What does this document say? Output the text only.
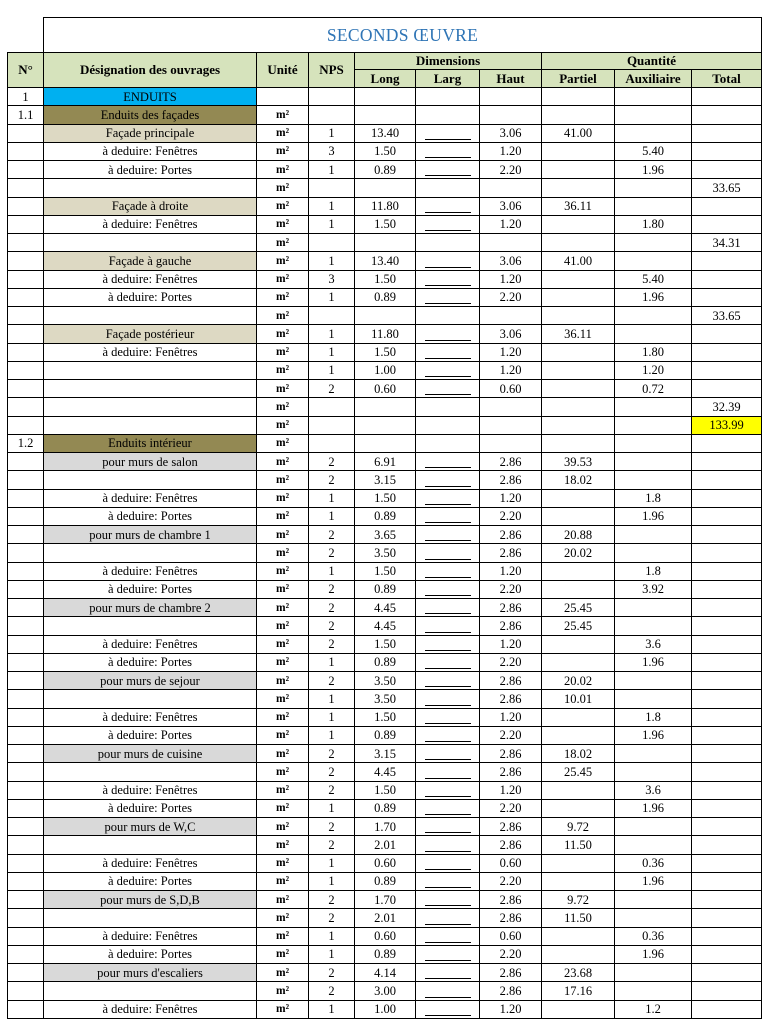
	SECONDS ŒUVRE								
N°	Désignation des ouvrages	Unité	NPS	Dimensions			Quantité		
				Long	Larg	Haut	Partiel	Auxiliaire	Total
1	ENDUITS								
1.1	Enduits des façades	m²							
	Façade principale	m²	1	13.40		3.06	41.00		
	à deduire: Fenêtres	m²	3	1.50		1.20		5.40	
	à deduire: Portes	m²	1	0.89		2.20		1.96	
		m²							33.65
	Façade à droite	m²	1	11.80		3.06	36.11		
	à deduire: Fenêtres	m²	1	1.50		1.20		1.80	
		m²							34.31
	Façade à gauche	m²	1	13.40		3.06	41.00		
	à deduire: Fenêtres	m²	3	1.50		1.20		5.40	
	à deduire: Portes	m²	1	0.89		2.20		1.96	
		m²							33.65
	Façade postérieur	m²	1	11.80		3.06	36.11		
	à deduire: Fenêtres	m²	1	1.50		1.20		1.80	
		m²	1	1.00		1.20		1.20	
		m²	2	0.60		0.60		0.72	
		m²							32.39
		m²							133.99
1.2	Enduits intérieur	m²							
	pour murs de salon	m²	2	6.91		2.86	39.53		
		m²	2	3.15		2.86	18.02		
	à deduire: Fenêtres	m²	1	1.50		1.20		1.8	
	à deduire: Portes	m²	1	0.89		2.20		1.96	
	pour murs de chambre 1	m²	2	3.65		2.86	20.88		
		m²	2	3.50		2.86	20.02		
	à deduire: Fenêtres	m²	1	1.50		1.20		1.8	
	à deduire: Portes	m²	2	0.89		2.20		3.92	
	pour murs de chambre 2	m²	2	4.45		2.86	25.45		
		m²	2	4.45		2.86	25.45		
	à deduire: Fenêtres	m²	2	1.50		1.20		3.6	
	à deduire: Portes	m²	1	0.89		2.20		1.96	
	pour murs de sejour	m²	2	3.50		2.86	20.02		
		m²	1	3.50		2.86	10.01		
	à deduire: Fenêtres	m²	1	1.50		1.20		1.8	
	à deduire: Portes	m²	1	0.89		2.20		1.96	
	pour murs de cuisine	m²	2	3.15		2.86	18.02		
		m²	2	4.45		2.86	25.45		
	à deduire: Fenêtres	m²	2	1.50		1.20		3.6	
	à deduire: Portes	m²	1	0.89		2.20		1.96	
	pour murs de W,C	m²	2	1.70		2.86	9.72		
		m²	2	2.01		2.86	11.50		
	à deduire: Fenêtres	m²	1	0.60		0.60		0.36	
	à deduire: Portes	m²	1	0.89		2.20		1.96	
	pour murs de S,D,B	m²	2	1.70		2.86	9.72		
		m²	2	2.01		2.86	11.50		
	à deduire: Fenêtres	m²	1	0.60		0.60		0.36	
	à deduire: Portes	m²	1	0.89		2.20		1.96	
	pour murs d'escaliers	m²	2	4.14		2.86	23.68		
		m²	2	3.00		2.86	17.16		
	à deduire: Fenêtres	m²	1	1.00		1.20		1.2	
